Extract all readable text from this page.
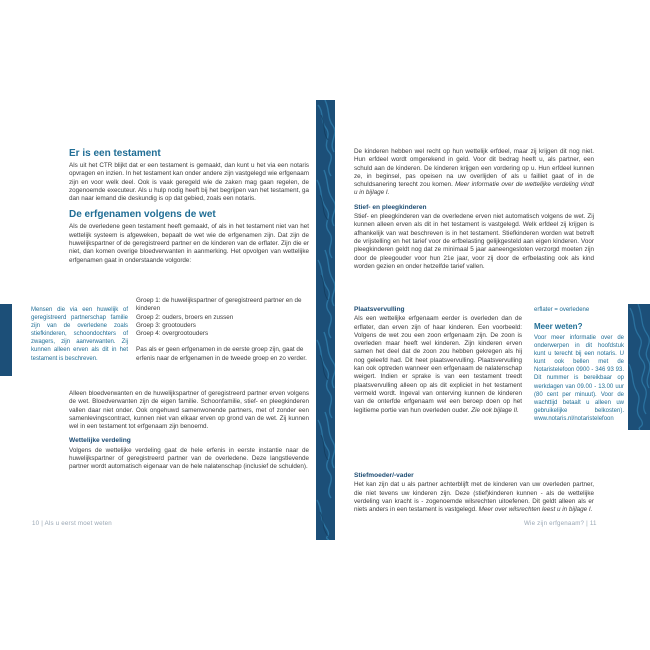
Er is een testament

Als uit het CTR blijkt dat er een testament is gemaakt, dan kunt u het via een notaris opvragen en inzien. In het testament kan onder andere zijn vastgelegd wie erfgenaam zijn en voor welk deel. Ook is vaak geregeld wie de zaken mag gaan regelen, de zogenoemde executeur. Als u hulp nodig heeft bij het begrijpen van het testament, ga dan naar iemand die deskundig is op dat gebied, zoals een notaris.

De erfgenamen volgens de wet

Als de overledene geen testament heeft gemaakt, of als in het testament niet van het wettelijk systeem is afgeweken, bepaalt de wet wie de erfgenamen zijn. Dat zijn de huwelijkspartner of de geregistreerd partner en de kinderen van de erflater. Zijn die er niet, dan komen overige bloedverwanten in aanmerking. Het opvolgen van wettelijke erfgenamen gaat in onderstaande volgorde:

Mensen die via een huwelijk of geregistreerd partnerschap familie zijn van de overledene zoals stiefkinderen, schoondochters of zwagers, zijn aanverwanten. Zij kunnen alleen erven als dit in het testament is beschreven.
Groep 1: de huwelijkspartner of geregistreerd partner en de kinderen
Groep 2: ouders, broers en zussen
Groep 3: grootouders
Groep 4: overgrootouders
Pas als er geen erfgenamen in de eerste groep zijn, gaat de erfenis naar de erfgenamen in de tweede groep en zo verder.

Alleen bloedverwanten en de huwelijkspartner of geregistreerd partner erven volgens de wet. Bloedverwanten zijn de eigen familie. Schoonfamilie, stief- en pleegkinderen vallen daar niet onder. Ook ongehuwd samenwonende partners, met of zonder een samenlevingscontract, kunnen niet van elkaar erven op grond van de wet. Zij kunnen wel in een testament tot erfgenaam zijn benoemd.

Wettelijke verdeling

Volgens de wettelijke verdeling gaat de hele erfenis in eerste instantie naar de huwelijkspartner of geregistreerd partner van de overledene. Deze langstlevende partner wordt automatisch eigenaar van de hele nalatenschap (inclusief de schulden).

10 | Als u eerst moet weten

De kinderen hebben wel recht op hun wettelijk erfdeel, maar zij krijgen dit nog niet. Hun erfdeel wordt omgerekend in geld. Voor dit bedrag heeft u, als partner, een schuld aan de kinderen. De kinderen krijgen een vordering op u. Hun erfdeel kunnen ze, in beginsel, pas opeisen na uw overlijden of als u failliet gaat of in de schuldsanering terecht zou komen. Meer informatie over de wettelijke verdeling vindt u in bijlage I.

Stief- en pleegkinderen

Stief- en pleegkinderen van de overledene erven niet automatisch volgens de wet. Zij kunnen alleen erven als dit in het testament is vastgelegd. Welk erfdeel zij krijgen is afhankelijk van wat beschreven is in het testament. Stiefkinderen worden wat betreft de vrijstelling en het tarief voor de erfbelasting gelijkgesteld aan eigen kinderen. Voor pleegkinderen geldt nog dat ze minimaal 5 jaar aaneengesloten verzorgd moeten zijn door de pleegouder voor hun 21e jaar, voor zij door de erfbelasting ook als kind worden gezien en onder hetzelfde tarief vallen.

Plaatsvervulling

Als een wettelijke erfgenaam eerder is overleden dan de erflater, dan erven zijn of haar kinderen. Een voorbeeld: Volgens de wet zou een zoon erfgenaam zijn. De zoon is overleden maar heeft wel kinderen. Zijn kinderen erven samen het deel dat de zoon zou hebben gekregen als hij nog geleefd had. Dit heet plaatsvervulling. Plaatsvervulling kan ook optreden wanneer een erfgenaam de nalatenschap weigert. Indien er sprake is van een testament treedt plaatsvervulling alleen op als dit expliciet in het testament vermeld wordt. Ingeval van onterving kunnen de kinderen van de onterfde erfgenaam wel een beroep doen op het legitieme portie van hun overleden ouder. Zie ook bijlage II.

Stiefmoeder/-vader

Het kan zijn dat u als partner achterblijft met de kinderen van uw overleden partner, die niet tevens uw kinderen zijn. Deze (stief)kinderen kunnen - als de wettelijke verdeling van kracht is - zogenoemde wilsrechten uitoefenen. Dit geldt alleen als er niets anders in een testament is vastgelegd. Meer over wilsrechten leest u in bijlage I.

erflater = overledene
Meer weten?
Voor meer informatie over de onderwerpen in dit hoofdstuk kunt u terecht bij een notaris. U kunt ook bellen met de Notaristelefoon 0900 - 346 93 93. Dit nummer is bereikbaar op werkdagen van 09.00 - 13.00 uur (80 cent per minuut). Voor de wachttijd betaalt u alleen uw gebruikelijke belkosten). www.notaris.nl/notaristelefoon
Wie zijn erfgenaam? | 11
